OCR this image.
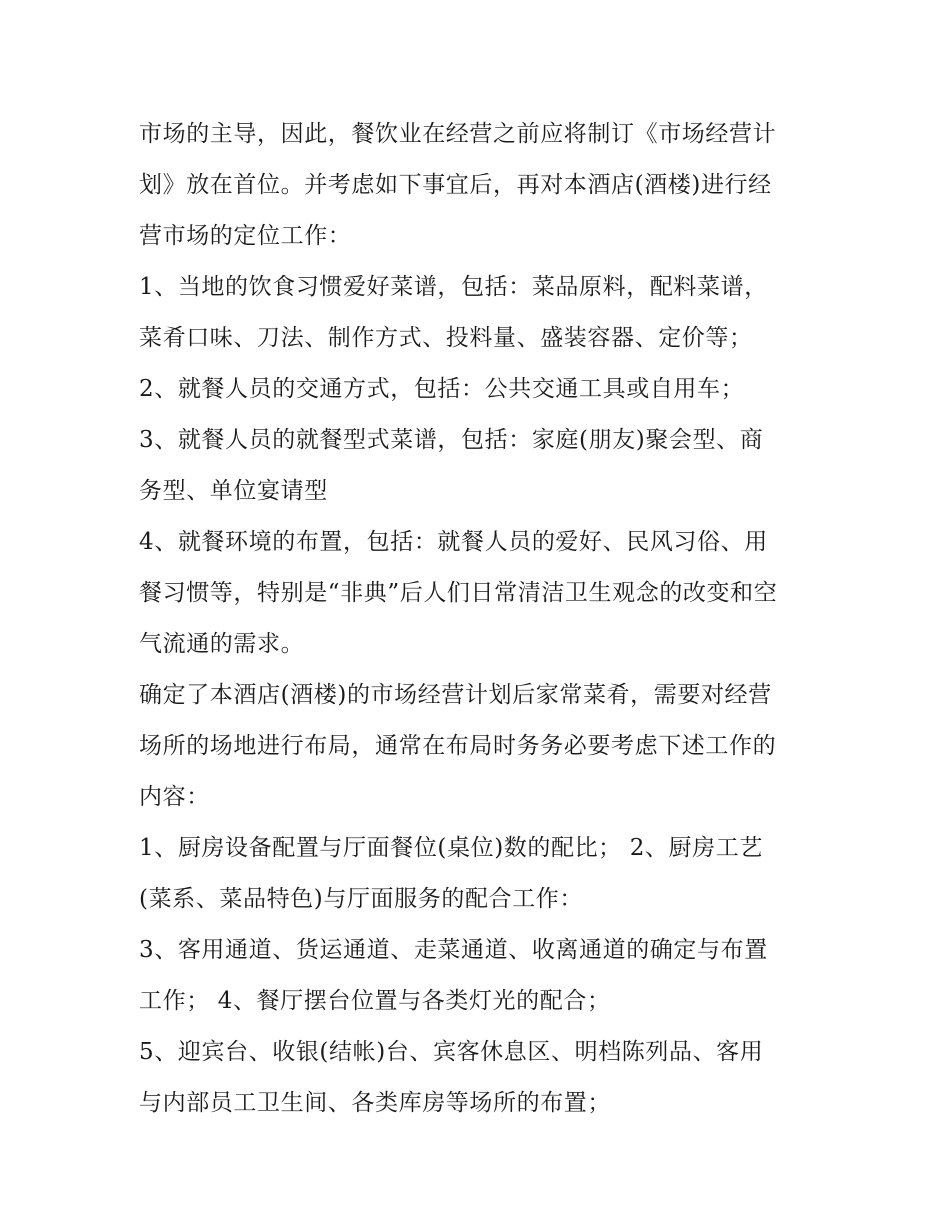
市场的主导，因此，餐饮业在经营之前应将制订《市场经营计
划》放在首位。并考虑如下事宜后，再对本酒店(酒楼)进行经
营市场的定位工作：
1、当地的饮食习惯爱好菜谱，包括：菜品原料，配料菜谱，
菜肴口味、刀法、制作方式、投料量、盛装容器、定价等；
2、就餐人员的交通方式，包括：公共交通工具或自用车；
3、就餐人员的就餐型式菜谱，包括：家庭(朋友)聚会型、商
务型、单位宴请型
4、就餐环境的布置，包括：就餐人员的爱好、民风习俗、用
餐习惯等，特别是“非典”后人们日常清洁卫生观念的改变和空
气流通的需求。
确定了本酒店(酒楼)的市场经营计划后家常菜肴，需要对经营
场所的场地进行布局，通常在布局时务务必要考虑下述工作的
内容：
1、厨房设备配置与厅面餐位(桌位)数的配比； 2、厨房工艺
(菜系、菜品特色)与厅面服务的配合工作：
3、客用通道、货运通道、走菜通道、收离通道的确定与布置
工作； 4、餐厅摆台位置与各类灯光的配合；
5、迎宾台、收银(结帐)台、宾客休息区、明档陈列品、客用
与内部员工卫生间、各类库房等场所的布置；
